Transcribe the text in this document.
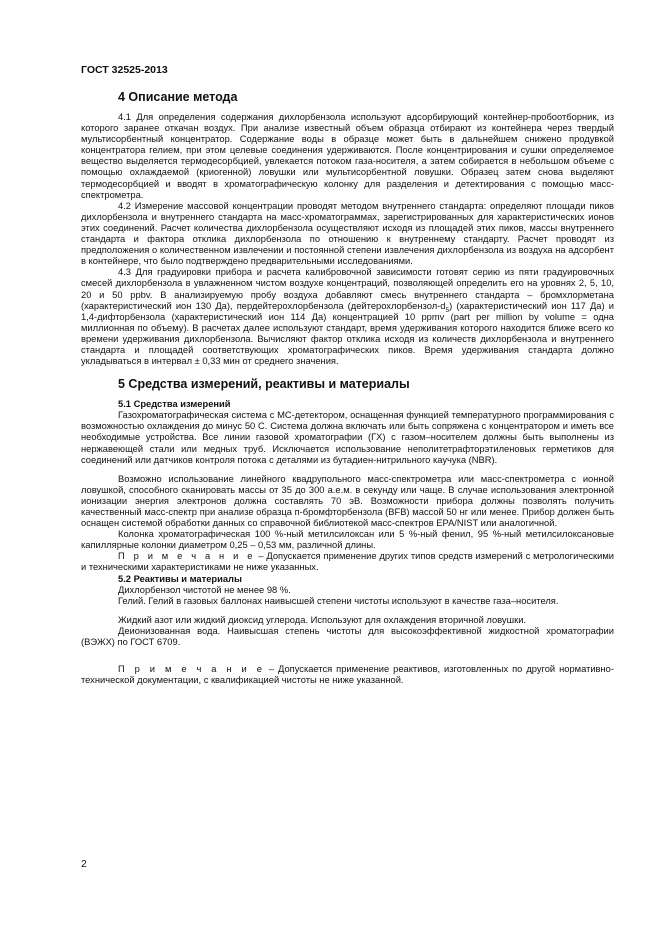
ГОСТ 32525-2013
4 Описание метода

4.1 Для определения содержания дихлорбензола используют адсорбирующий контейнер-пробоотборник, из которого заранее откачан воздух. При анализе известный объем образца отбирают из контейнера через твердый мультисорбентный концентратор. Содержание воды в образце может быть в дальнейшем снижено продувкой концентратора гелием, при этом целевые соединения удерживаются. После концентрирования и сушки определяемое вещество выделяется термодесорбцией, увлекается потоком газа-носителя, а затем собирается в небольшом объеме с помощью охлаждаемой (криогенной) ловушки или мультисорбентной ловушки. Образец затем снова выделяют термодесорбцией и вводят в хроматографическую колонку для разделения и детектирования с помощью масс-спектрометра.

4.2 Измерение массовой концентрации проводят методом внутреннего стандарта: определяют площади пиков дихлорбензола и внутреннего стандарта на масс-хроматограммах, зарегистрированных для характеристических ионов этих соединений. Расчет количества дихлорбензола осуществляют исходя из площадей этих пиков, массы внутреннего стандарта и фактора отклика дихлорбензола по отношению к внутреннему стандарту. Расчет проводят из предположения о количественном извлечении и постоянной степени извлечения дихлорбензола из воздуха на адсорбент в контейнере, что было подтверждено предварительными исследованиями.

4.3 Для градуировки прибора и расчета калибровочной зависимости готовят серию из пяти градуировочных смесей дихлорбензола в увлажненном чистом воздухе концентраций, позволяющей определить его на уровнях 2, 5, 10, 20 и 50 ppbv. В анализируемую пробу воздуха добавляют смесь внутреннего стандарта – бромхлорметана (характеристический ион 130 Да), пердейтерохлорбензола $(дейтерохлорбензол-d_5)$ (характеристический ион 117 Да) и 1,4-дифторбензола (характеристический ион 114 Да) концентрацией 10 ppmv (part per million by volume = одна миллионная по объему). В расчетах далее используют стандарт, время удерживания которого находится ближе всего ко времени удерживания дихлорбензола. Вычисляют фактор отклика исходя из количеств дихлорбензола и внутреннего стандарта и площадей соответствующих хроматографических пиков. Время удерживания стандарта должно укладываться в интервал ± 0,33 мин от среднего значения.

5 Средства измерений, реактивы и материалы

5.1 Средства измерений

Газохроматографическая система с МС-детектором, оснащенная функцией температурного программирования с возможностью охлаждения до минус 50 С. Система должна включать или быть сопряжена с концентратором и иметь все необходимые устройства. Все линии газовой хроматографии (ГХ) с газом–носителем должны быть выполнены из нержавеющей стали или медных труб. Исключается использование неполитетрафторэтиленовых герметиков для соединений или датчиков контроля потока с деталями из бутадиен-нитрильного каучука (NBR).

Возможно использование линейного квадрупольного масс-спектрометра или масс-спектрометра с ионной ловушкой, способного сканировать массы от 35 до 300 а.е.м. в секунду или чаще. В случае использования электронной ионизации энергия электронов должна составлять 70 эВ. Возможности прибора должны позволять получить качественный масс-спектр при анализе образца п-бромфторбензола (BFB) массой 50 нг или менее. Прибор должен быть оснащен системой обработки данных со справочной библиотекой масс-спектров EPA/NIST или аналогичной.

Колонка хроматографическая 100 %-ный метилсилоксан или 5 %-ный фенил, 95 %-ный метилсилоксановые капиллярные колонки диаметром 0,25 – 0,53 мм, различной длины.

П р и м е ч а н и е – Допускается применение других типов средств измерений с метрологическими и техническими характеристиками не ниже указанных.

5.2 Реактивы и материалы

Дихлорбензол чистотой не менее 98 %.

Гелий. Гелий в газовых баллонах наивысшей степени чистоты используют в качестве газа–носителя.

Жидкий азот или жидкий диоксид углерода. Используют для охлаждения вторичной ловушки.

Деионизованная вода. Наивысшая степень чистоты для высокоэффективной жидкостной хроматографии (ВЭЖХ) по ГОСТ 6709.

П р и м е ч а н и е – Допускается применение реактивов, изготовленных по другой нормативно-технической документации, с квалификацией чистоты не ниже указанной.

2
